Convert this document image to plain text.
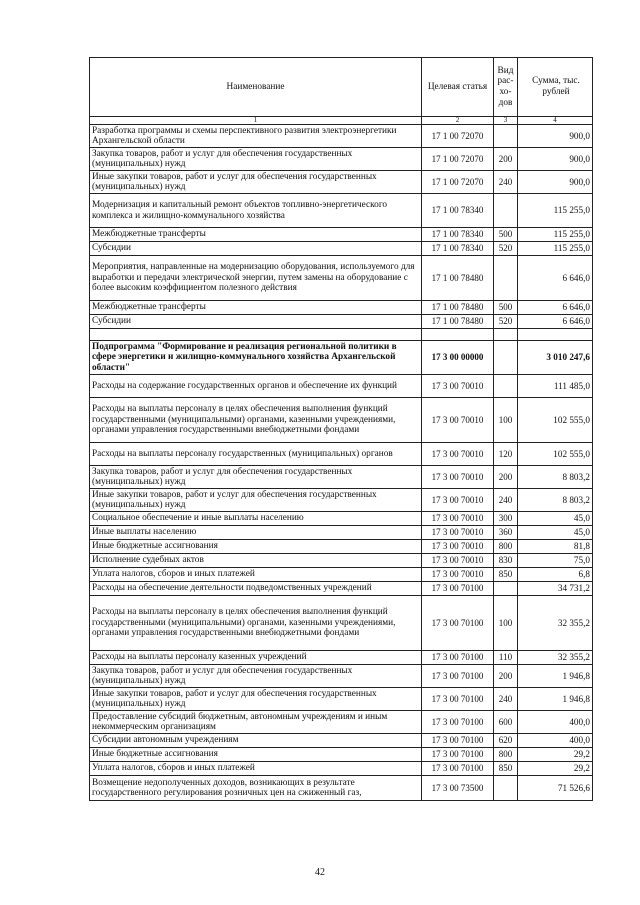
Наименование	Целевая статья	Вид рас- хо- дов	Сумма, тыс. рублей
1	2	3	4
Разработка программы и схемы перспективного развития электроэнергетики Архангельской области	17 1 00 72070		900,0
Закупка товаров, работ и услуг для обеспечения государственных (муниципальных) нужд	17 1 00 72070	200	900,0
Иные закупки товаров, работ и услуг для обеспечения государственных (муниципальных) нужд	17 1 00 72070	240	900,0
Модернизация и капитальный ремонт объектов топливно-энергетического комплекса и жилищно-коммунального хозяйства	17 1 00 78340		115 255,0
Межбюджетные трансферты	17 1 00 78340	500	115 255,0
Субсидии	17 1 00 78340	520	115 255,0
Мероприятия, направленные на модернизацию оборудования, используемого для выработки и передачи электрической энергии, путем замены на оборудование с более высоким коэффициентом полезного действия	17 1 00 78480		6 646,0
Межбюджетные трансферты	17 1 00 78480	500	6 646,0
Субсидии	17 1 00 78480	520	6 646,0

Подпрограмма "Формирование и реализация региональной политики в сфере энергетики и жилищно-коммунального хозяйства Архангельской области"	17 3 00 00000		3 010 247,6
Расходы на содержание государственных органов и обеспечение их функций	17 3 00 70010		111 485,0
Расходы на выплаты персоналу в целях обеспечения выполнения функций государственными (муниципальными) органами, казенными учреждениями, органами управления государственными внебюджетными фондами	17 3 00 70010	100	102 555,0
Расходы на выплаты персоналу государственных (муниципальных) органов	17 3 00 70010	120	102 555,0
Закупка товаров, работ и услуг для обеспечения государственных (муниципальных) нужд	17 3 00 70010	200	8 803,2
Иные закупки товаров, работ и услуг для обеспечения государственных (муниципальных) нужд	17 3 00 70010	240	8 803,2
Социальное обеспечение и иные выплаты населению	17 3 00 70010	300	45,0
Иные выплаты населению	17 3 00 70010	360	45,0
Иные бюджетные ассигнования	17 3 00 70010	800	81,8
Исполнение судебных актов	17 3 00 70010	830	75,0
Уплата налогов, сборов и иных платежей	17 3 00 70010	850	6,8
Расходы на обеспечение деятельности подведомственных учреждений	17 3 00 70100		34 731,2
Расходы на выплаты персоналу в целях обеспечения выполнения функций государственными (муниципальными) органами, казенными учреждениями, органами управления государственными внебюджетными фондами	17 3 00 70100	100	32 355,2
Расходы на выплаты персоналу казенных учреждений	17 3 00 70100	110	32 355,2
Закупка товаров, работ и услуг для обеспечения государственных (муниципальных) нужд	17 3 00 70100	200	1 946,8
Иные закупки товаров, работ и услуг для обеспечения государственных (муниципальных) нужд	17 3 00 70100	240	1 946,8
Предоставление субсидий бюджетным, автономным учреждениям и иным некоммерческим организациям	17 3 00 70100	600	400,0
Субсидии автономным учреждениям	17 3 00 70100	620	400,0
Иные бюджетные ассигнования	17 3 00 70100	800	29,2
Уплата налогов, сборов и иных платежей	17 3 00 70100	850	29,2
Возмещение недополученных доходов, возникающих в результате государственного регулирования розничных цен на сжиженный газ,	17 3 00 73500		71 526,6
42
